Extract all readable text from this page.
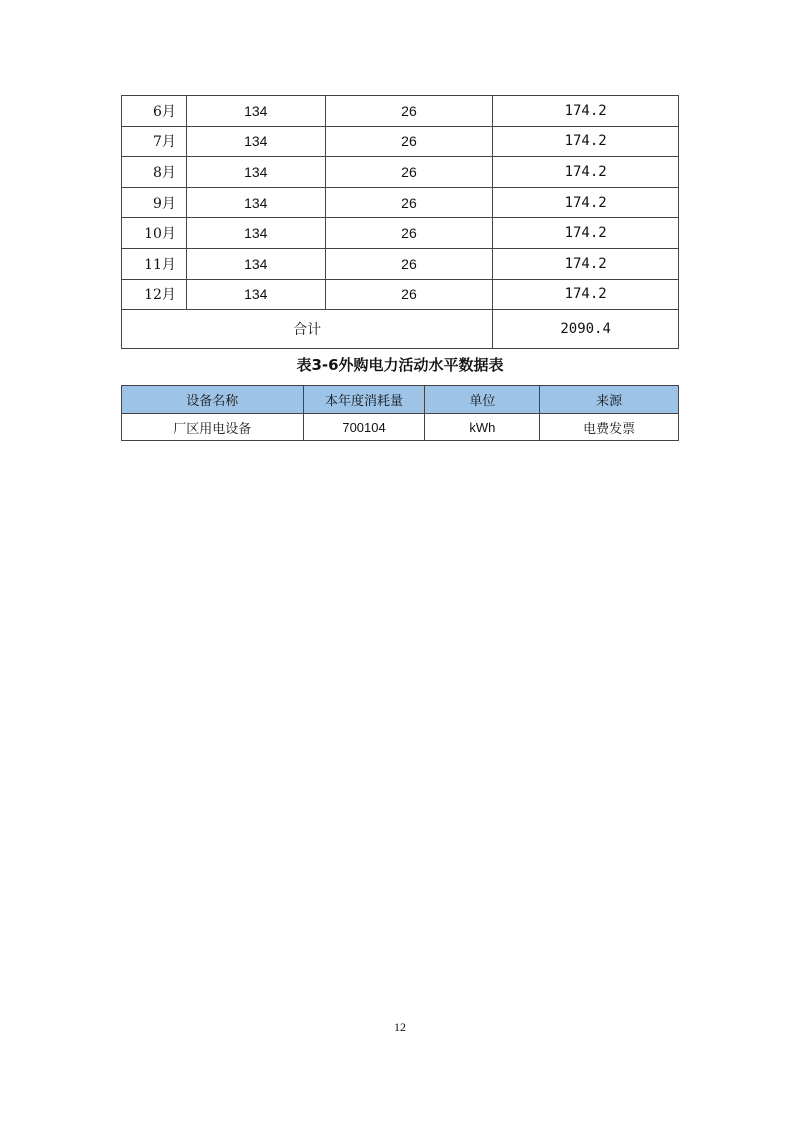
6月	134	26	174.2
7月	134	26	174.2
8月	134	26	174.2
9月	134	26	174.2
10月	134	26	174.2
11月	134	26	174.2
12月	134	26	174.2
合计			2090.4
表3-6外购电力活动水平数据表
设备名称	本年度消耗量	单位	来源
厂区用电设备	700104	kWh	电费发票
12
